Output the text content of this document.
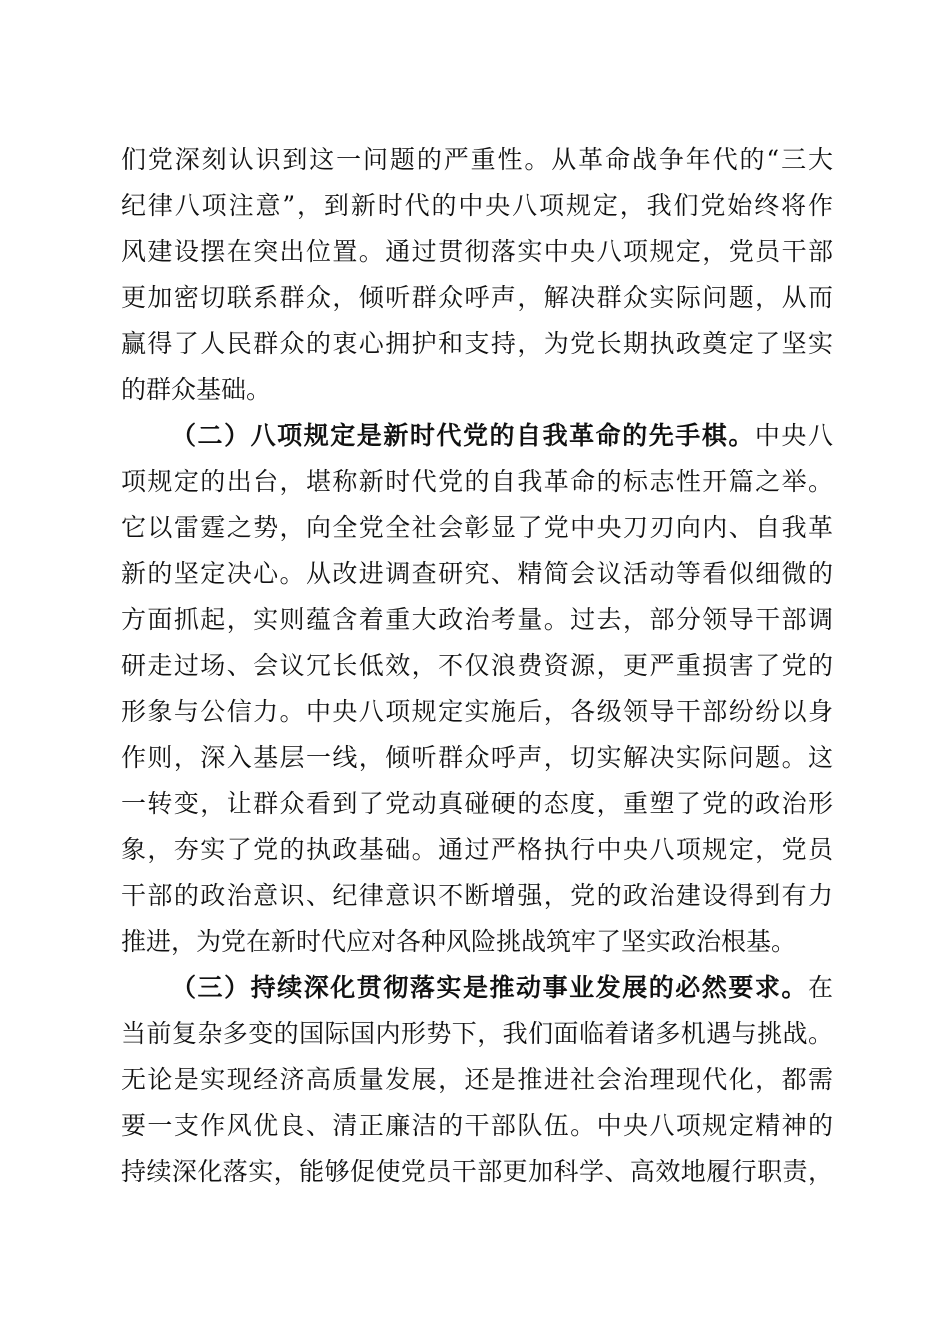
们党深刻认识到这一问题的严重性。从革命战争年代的“三大
纪律八项注意”，到新时代的中央八项规定，我们党始终将作
风建设摆在突出位置。通过贯彻落实中央八项规定，党员干部
更加密切联系群众，倾听群众呼声，解决群众实际问题，从而
赢得了人民群众的衷心拥护和支持，为党长期执政奠定了坚实
的群众基础。
（二）八项规定是新时代党的自我革命的先手棋。中央八
项规定的出台，堪称新时代党的自我革命的标志性开篇之举。
它以雷霆之势，向全党全社会彰显了党中央刀刃向内、自我革
新的坚定决心。从改进调查研究、精简会议活动等看似细微的
方面抓起，实则蕴含着重大政治考量。过去，部分领导干部调
研走过场、会议冗长低效，不仅浪费资源，更严重损害了党的
形象与公信力。中央八项规定实施后，各级领导干部纷纷以身
作则，深入基层一线，倾听群众呼声，切实解决实际问题。这
一转变，让群众看到了党动真碰硬的态度，重塑了党的政治形
象，夯实了党的执政基础。通过严格执行中央八项规定，党员
干部的政治意识、纪律意识不断增强，党的政治建设得到有力
推进，为党在新时代应对各种风险挑战筑牢了坚实政治根基。
（三）持续深化贯彻落实是推动事业发展的必然要求。在
当前复杂多变的国际国内形势下，我们面临着诸多机遇与挑战。
无论是实现经济高质量发展，还是推进社会治理现代化，都需
要一支作风优良、清正廉洁的干部队伍。中央八项规定精神的
持续深化落实，能够促使党员干部更加科学、高效地履行职责，
